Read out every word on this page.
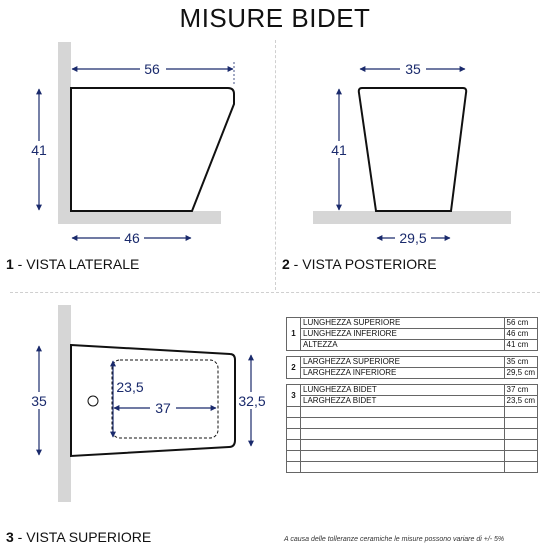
MISURE BIDET
56
41
46
35
41
29,5
35	32,5
23,5
37
1 - VISTA LATERALE	2 - VISTA POSTERIORE
3 - VISTA SUPERIORE
1	LUNGHEZZA SUPERIORE	56 cm
	LUNGHEZZA INFERIORE	46 cm
	ALTEZZA	41 cm

2	LARGHEZZA SUPERIORE	35 cm
	LARGHEZZA INFERIORE	29,5 cm

3	LUNGHEZZA BIDET	37 cm
	LARGHEZZA BIDET	23,5 cm

A causa delle tolleranze ceramiche le misure possono variare di +/- 5%
